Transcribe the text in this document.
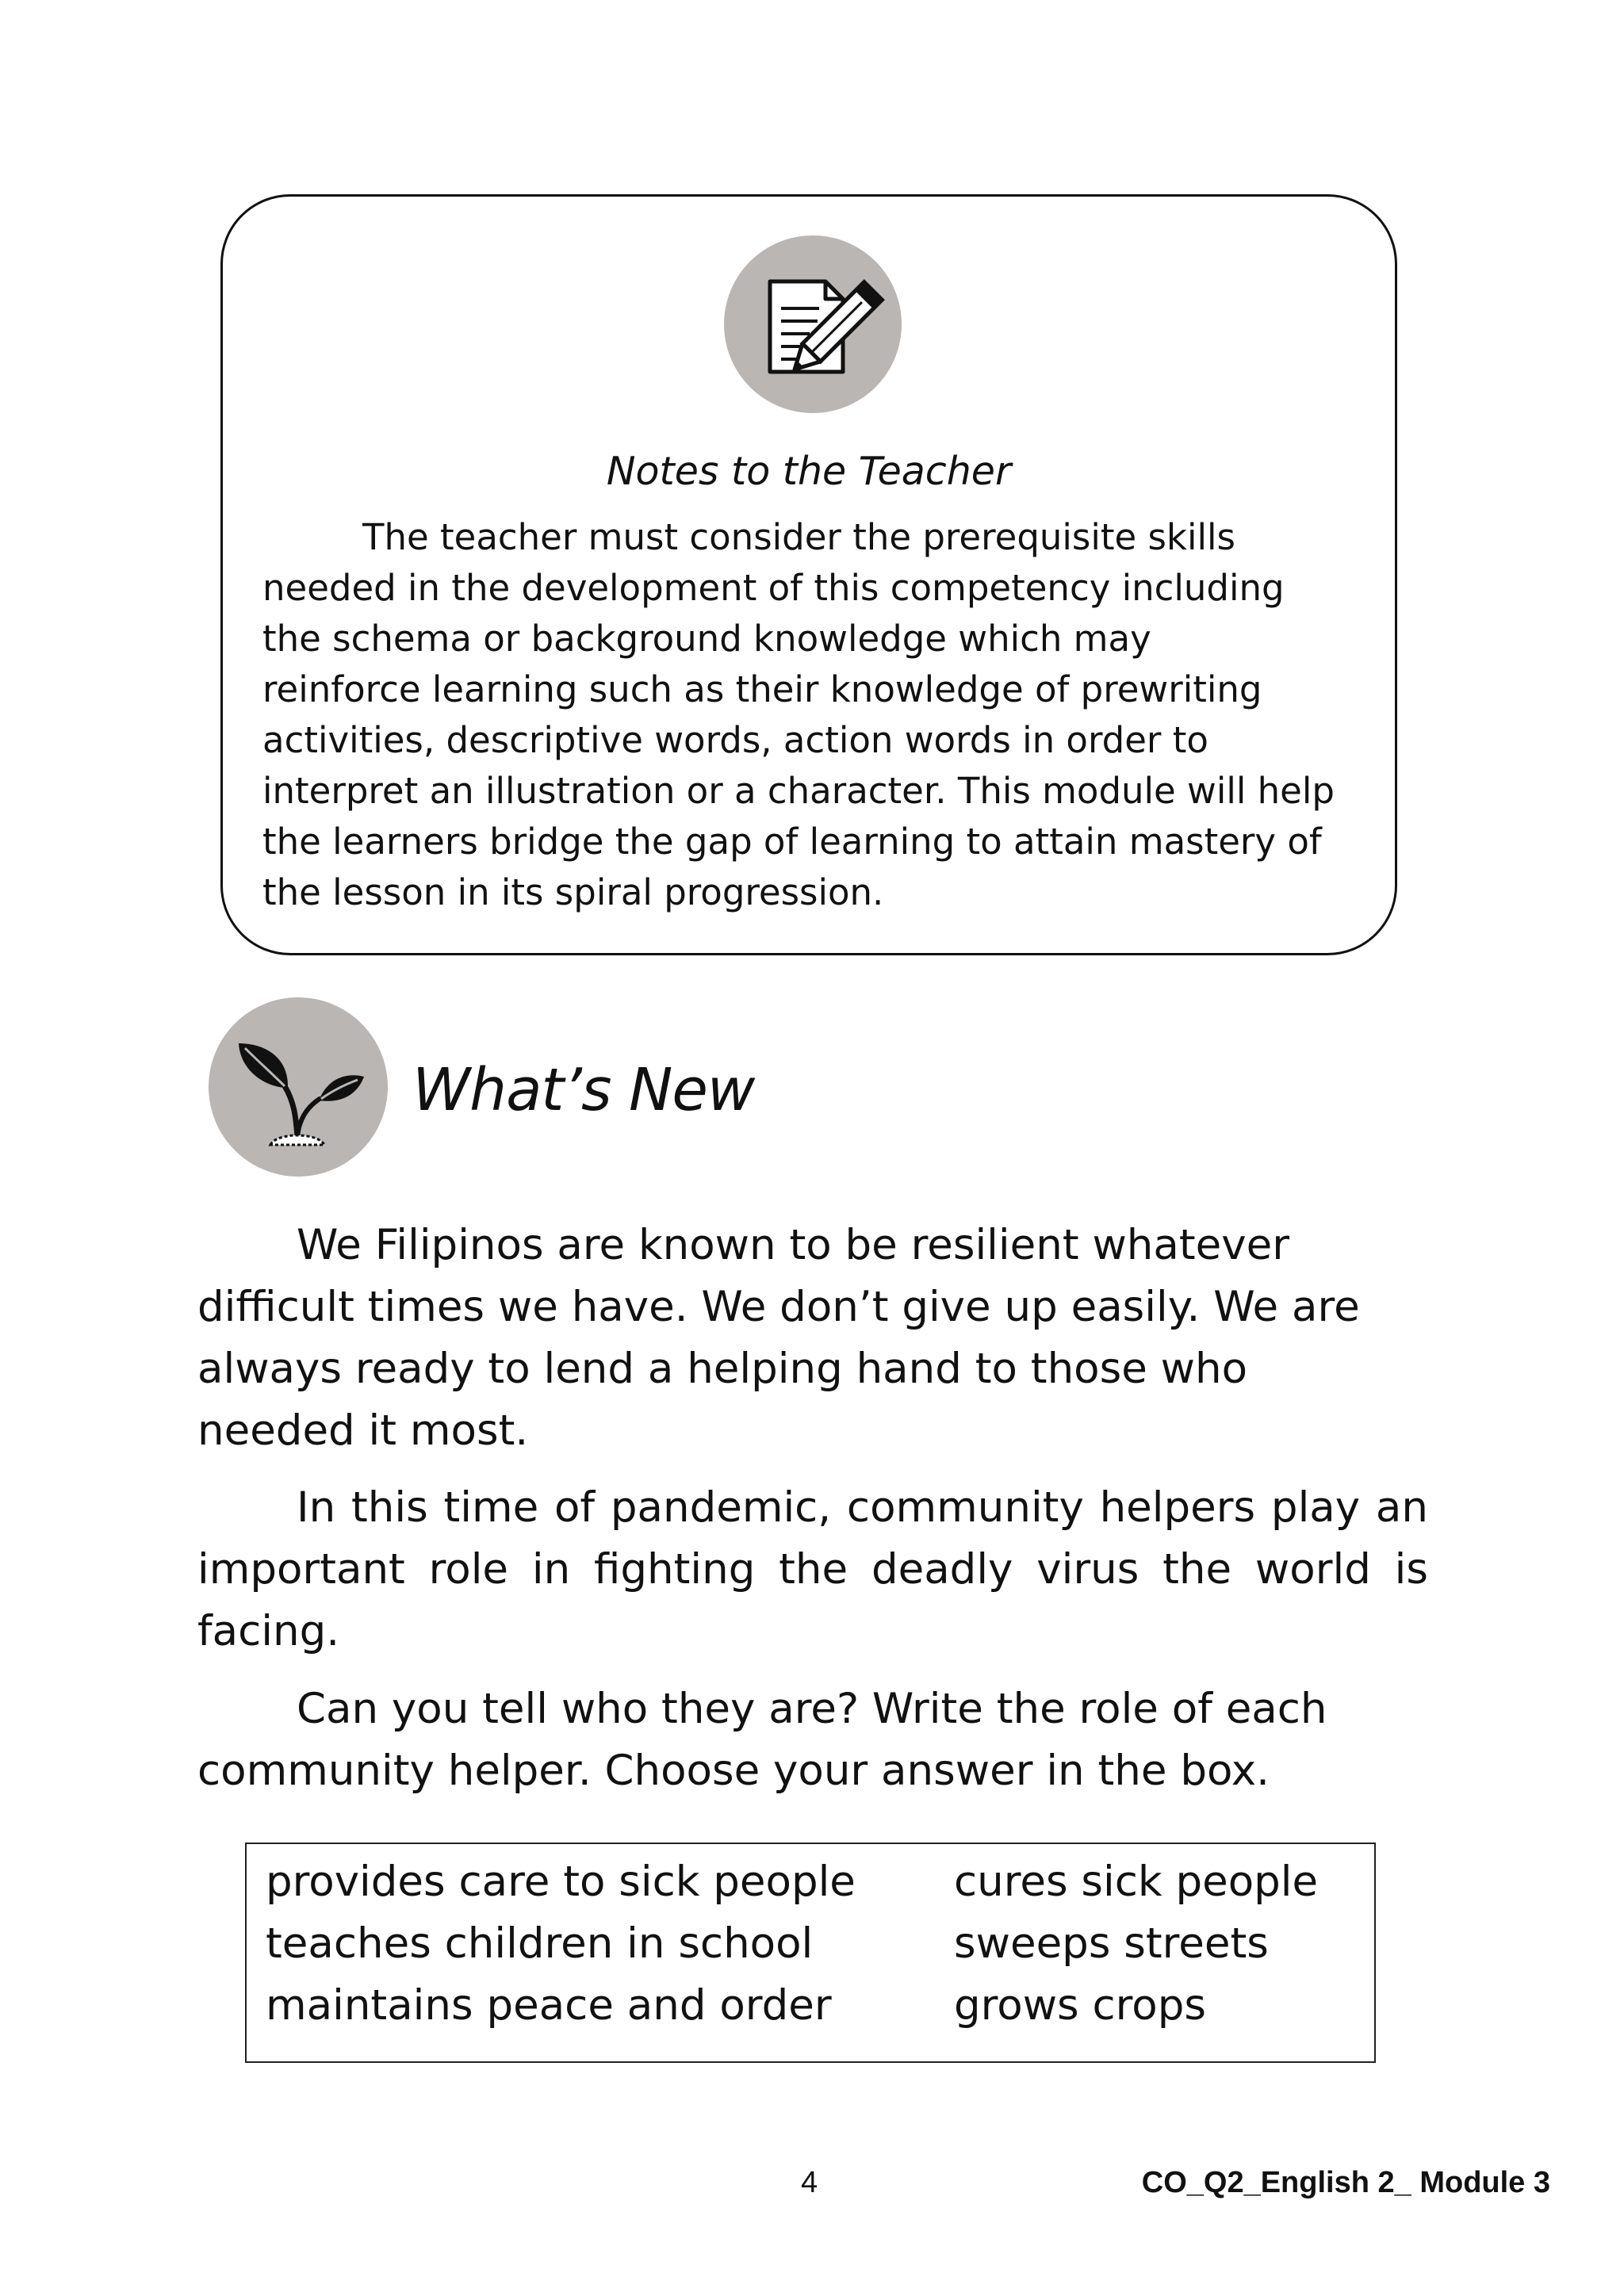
Notes to the Teacher
The teacher must consider the prerequisite skills
needed in the development of this competency including
the schema or background knowledge which may
reinforce learning such as their knowledge of prewriting
activities, descriptive words, action words in order to
interpret an illustration or a character. This module will help
the learners bridge the gap of learning to attain mastery of
the lesson in its spiral progression.
What’s New
We Filipinos are known to be resilient whatever
difficult times we have. We don’t give up easily. We are
always ready to lend a helping hand to those who
needed it most.
In this time of pandemic, community helpers play an
important role in fighting the deadly virus the world is
facing.
Can you tell who they are? Write the role of each
community helper. Choose your answer in the box.
provides care to sick people
teaches children in school
maintains peace and order
cures sick people
sweeps streets
grows crops
4	CO_Q2_English 2_ Module 3
